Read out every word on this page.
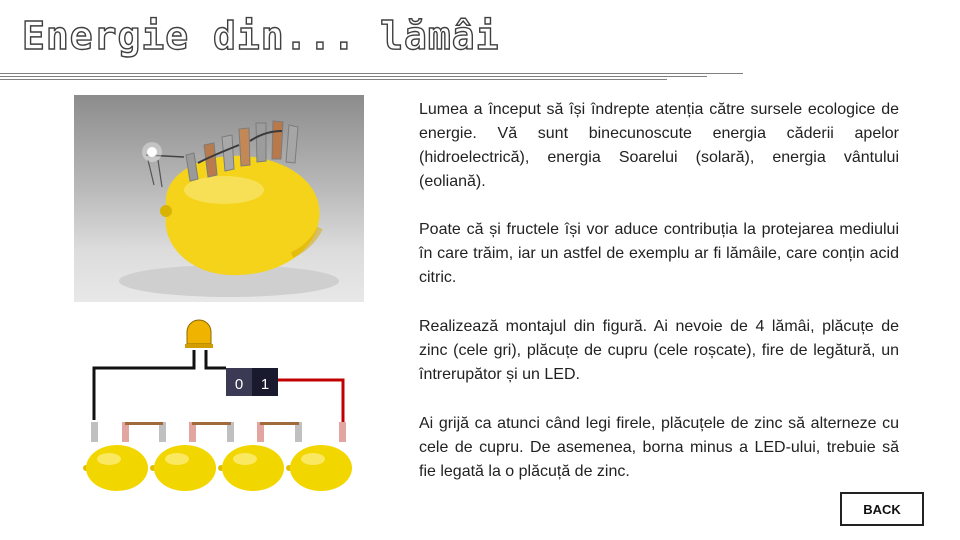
Energie din... lămâi
Lumea a început să își îndrepte atenția către sursele ecologice de energie. Vă sunt binecunoscute energia căderii apelor (hidroelectrică), energia Soarelui (solară), energia vântului (eoliană).
Poate că și fructele își vor aduce contribuția la protejarea mediului în care trăim, iar un astfel de exemplu ar fi lămâile, care conțin acid citric.
Realizează montajul din figură. Ai nevoie de 4 lămâi, plăcuțe de zinc (cele gri), plăcuțe de cupru (cele roșcate), fire de legătură, un întrerupător și un LED.
Ai grijă ca atunci când legi firele, plăcuțele de zinc să alterneze cu cele de cupru. De asemenea, borna minus a LED-ului, trebuie să fie legată la o plăcuță de zinc.
0 1
BACK
